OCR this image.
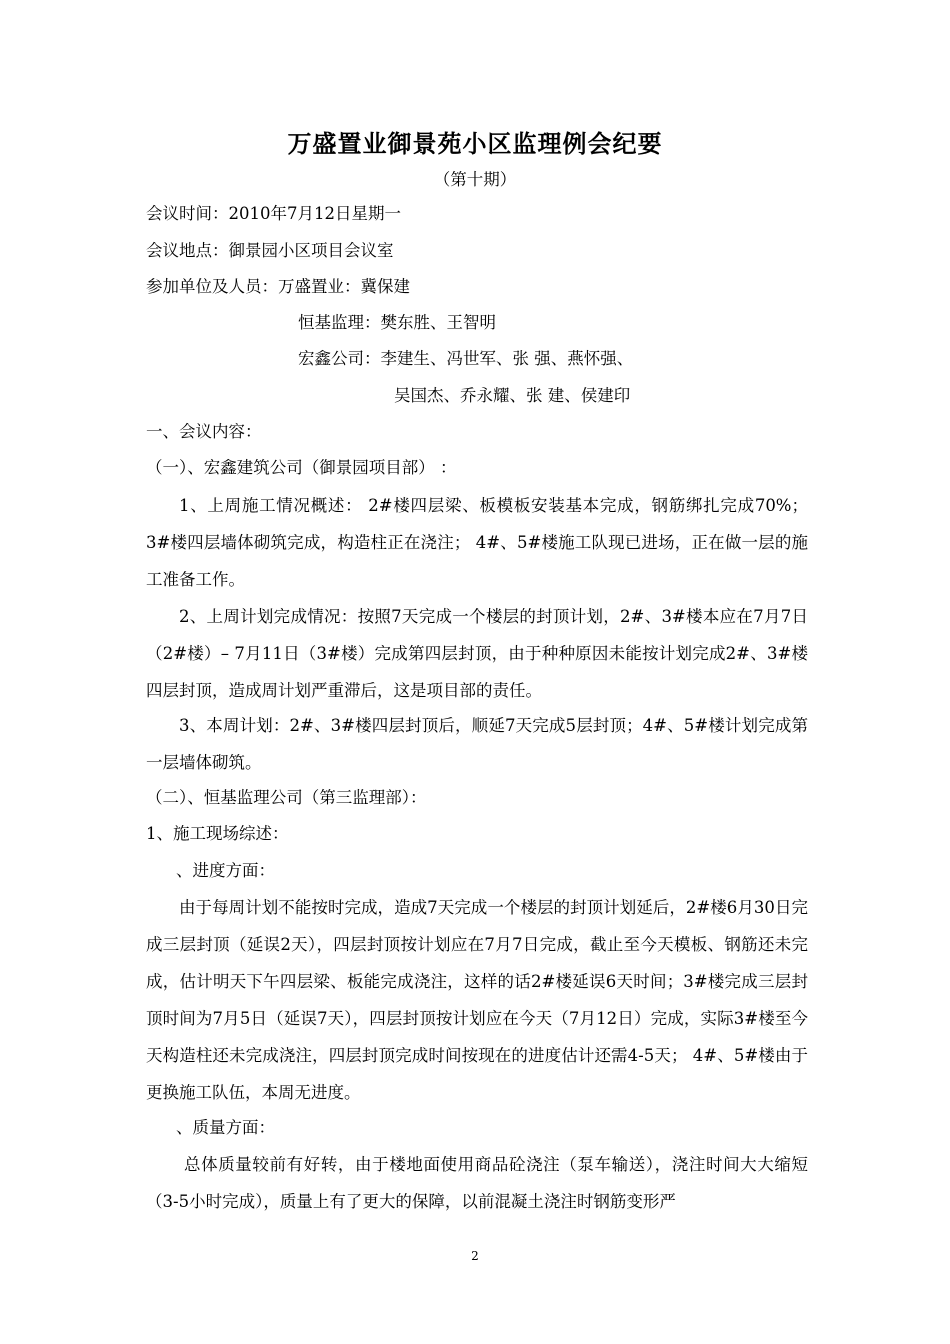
万盛置业御景苑小区监理例会纪要
（第十期）
会议时间：2010年7月12日星期一
会议地点：御景园小区项目会议室
参加单位及人员：万盛置业：冀保建
恒基监理：樊东胜、王智明
宏鑫公司：李建生、冯世军、张 强、燕怀强、
吴国杰、乔永耀、张 建、侯建印
一、会议内容：
（一）、宏鑫建筑公司（御景园项目部） ：
1、上周施工情况概述： 2#楼四层梁、板模板安装基本完成，钢筋绑扎完成70%； 3#楼四层墙体砌筑完成，构造柱正在浇注； 4#、5#楼施工队现已进场，正在做一层的施工准备工作。
2、上周计划完成情况：按照7天完成一个楼层的封顶计划，2#、3#楼本应在7月7日（2#楼）– 7月11日（3#楼）完成第四层封顶，由于种种原因未能按计划完成2#、3#楼四层封顶，造成周计划严重滞后，这是项目部的责任。
3、本周计划：2#、3#楼四层封顶后，顺延7天完成5层封顶；4#、5#楼计划完成第一层墙体砌筑。
（二）、恒基监理公司（第三监理部）：
1、施工现场综述：
、进度方面：
由于每周计划不能按时完成，造成7天完成一个楼层的封顶计划延后，2#楼6月30日完成三层封顶（延误2天），四层封顶按计划应在7月7日完成，截止至今天模板、钢筋还未完成，估计明天下午四层梁、板能完成浇注，这样的话2#楼延误6天时间；3#楼完成三层封顶时间为7月5日（延误7天），四层封顶按计划应在今天（7月12日）完成，实际3#楼至今天构造柱还未完成浇注，四层封顶完成时间按现在的进度估计还需4-5天； 4#、5#楼由于更换施工队伍，本周无进度。
、质量方面：
总体质量较前有好转，由于楼地面使用商品砼浇注（泵车输送），浇注时间大大缩短（3-5小时完成），质量上有了更大的保障，以前混凝土浇注时钢筋变形严
2
